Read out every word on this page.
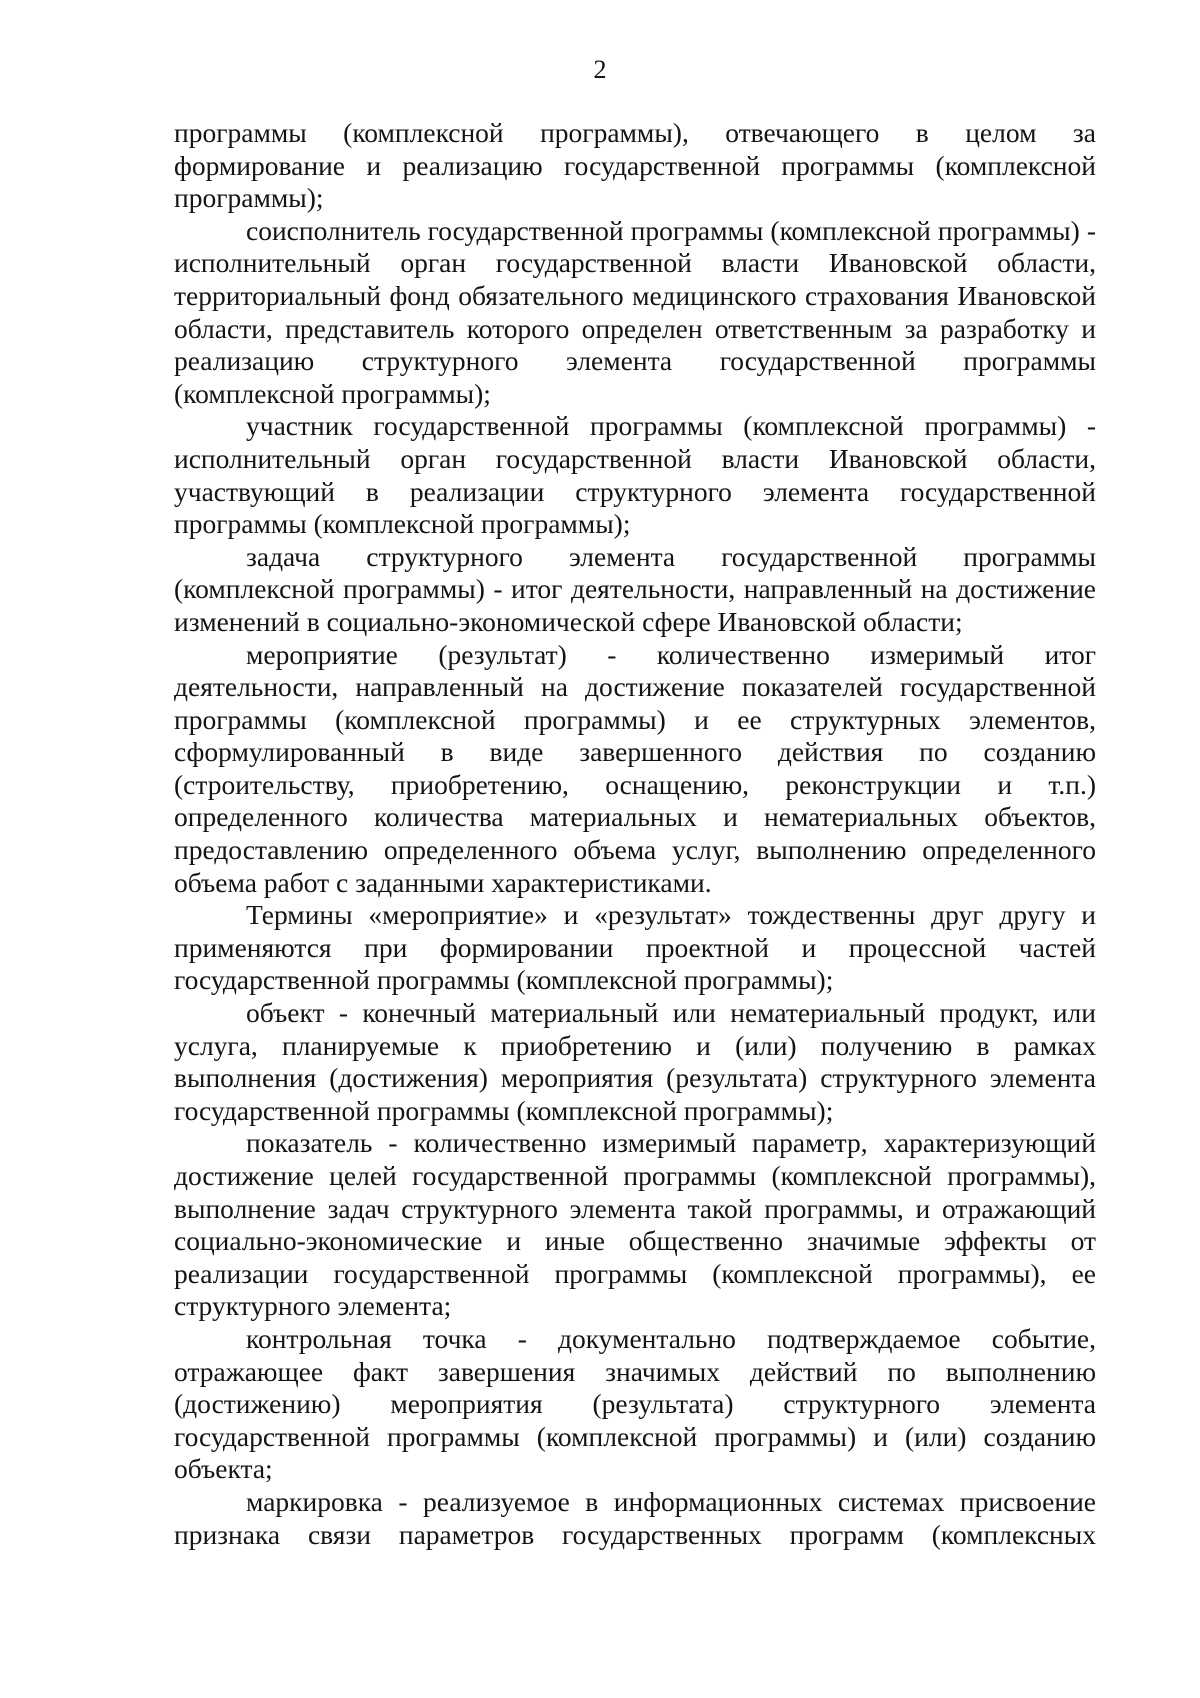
2

программы (комплексной программы), отвечающего в целом за формирование и реализацию государственной программы (комплексной программы);

соисполнитель государственной программы (комплексной программы) - исполнительный орган государственной власти Ивановской области, территориальный фонд обязательного медицинского страхования Ивановской области, представитель которого определен ответственным за разработку и реализацию структурного элемента государственной программы (комплексной программы);

участник государственной программы (комплексной программы) - исполнительный орган государственной власти Ивановской области, участвующий в реализации структурного элемента государственной программы (комплексной программы);

задача структурного элемента государственной программы (комплексной программы) - итог деятельности, направленный на достижение изменений в социально-экономической сфере Ивановской области;

мероприятие (результат) - количественно измеримый итог деятельности, направленный на достижение показателей государственной программы (комплексной программы) и ее структурных элементов, сформулированный в виде завершенного действия по созданию (строительству, приобретению, оснащению, реконструкции и т.п.) определенного количества материальных и нематериальных объектов, предоставлению определенного объема услуг, выполнению определенного объема работ с заданными характеристиками.

Термины «мероприятие» и «результат» тождественны друг другу и применяются при формировании проектной и процессной частей государственной программы (комплексной программы);

объект - конечный материальный или нематериальный продукт, или услуга, планируемые к приобретению и (или) получению в рамках выполнения (достижения) мероприятия (результата) структурного элемента государственной программы (комплексной программы);

показатель - количественно измеримый параметр, характеризующий достижение целей государственной программы (комплексной программы), выполнение задач структурного элемента такой программы, и отражающий социально-экономические и иные общественно значимые эффекты от реализации государственной программы (комплексной программы), ее структурного элемента;

контрольная точка - документально подтверждаемое событие, отражающее факт завершения значимых действий по выполнению (достижению) мероприятия (результата) структурного элемента государственной программы (комплексной программы) и (или) созданию объекта;

маркировка - реализуемое в информационных системах присвоение признака связи параметров государственных программ (комплексных
